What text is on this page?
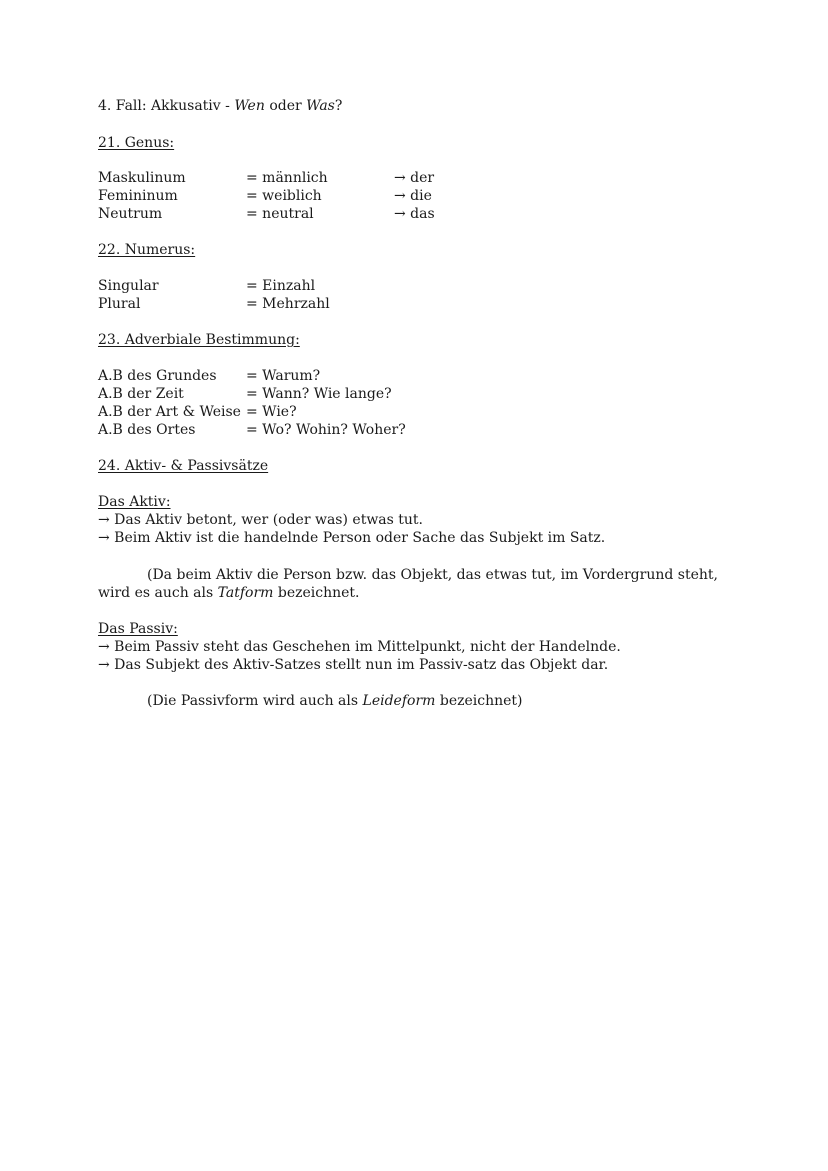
4. Fall: Akkusativ - Wen oder Was?
21. Genus:
Maskulinum	= männlich	→ der
Femininum	= weiblich	→ die
Neutrum	= neutral	→ das
22. Numerus:
Singular	= Einzahl
Plural	= Mehrzahl
23. Adverbiale Bestimmung:
A.B des Grundes = Warum?
A.B der Zeit	= Wann? Wie lange?
A.B der Art & Weise = Wie?
A.B des Ortes	= Wo? Wohin? Woher?
24. Aktiv- & Passivsätze
Das Aktiv:
→ Das Aktiv betont, wer (oder was) etwas tut.
→ Beim Aktiv ist die handelnde Person oder Sache das Subjekt im Satz.
(Da beim Aktiv die Person bzw. das Objekt, das etwas tut, im Vordergrund steht,
wird es auch als Tatform bezeichnet.
Das Passiv:
→ Beim Passiv steht das Geschehen im Mittelpunkt, nicht der Handelnde.
→ Das Subjekt des Aktiv-Satzes stellt nun im Passiv-satz das Objekt dar.
(Die Passivform wird auch als Leideform bezeichnet)
